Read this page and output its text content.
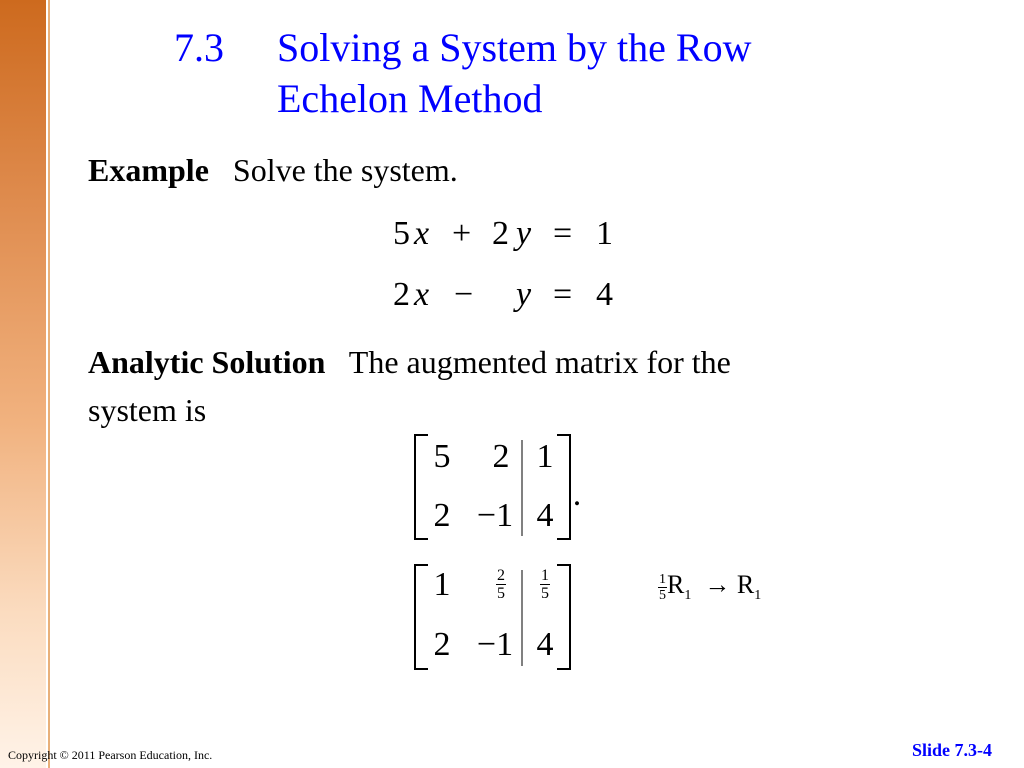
7.3 Solving a System by the Row
Echelon Method
Example Solve the system.
5 x + 2 y = 1
2 x − y = 4
Analytic Solution The augmented matrix for the
system is
5 2 1
2 −1 4
.
1	$\frac{2}{5} \frac{1}{5}$
2 −1 4
$\frac{1}{5} R_1 \to R_1$
Copyright © 2011 Pearson Education, Inc.	Slide 7.3-4
